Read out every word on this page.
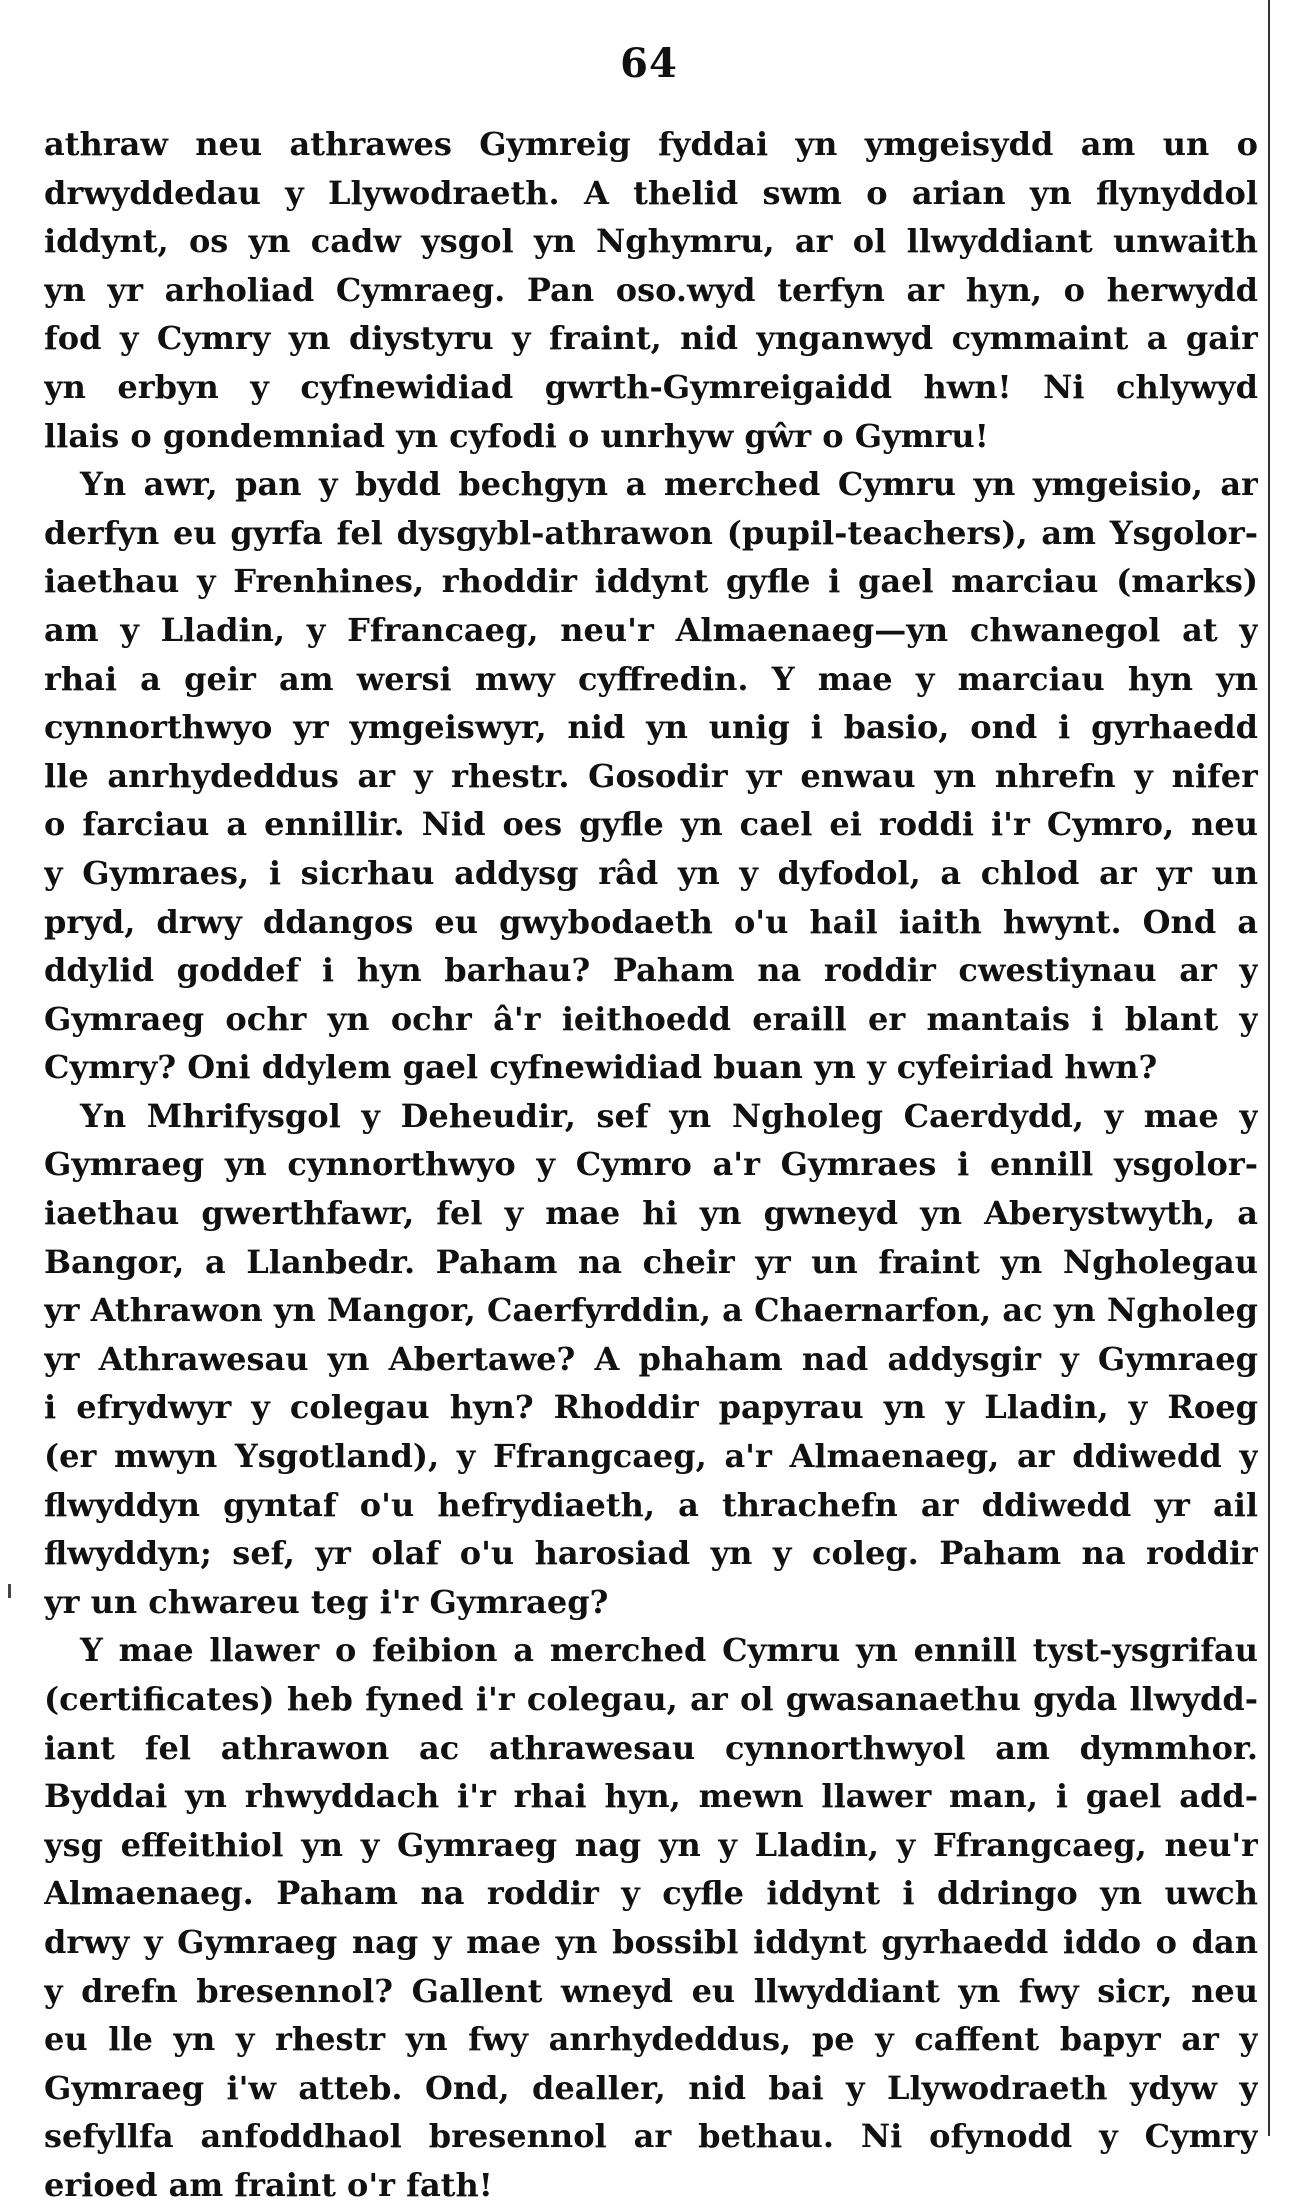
64
athraw neu athrawes Gymreig fyddai yn ymgeisydd am un o
drwyddedau y Llywodraeth. A thelid swm o arian yn flynyddol
iddynt, os yn cadw ysgol yn Nghymru, ar ol llwyddiant unwaith
yn yr arholiad Cymraeg. Pan oso.wyd terfyn ar hyn, o herwydd
fod y Cymry yn diystyru y fraint, nid ynganwyd cymmaint a gair
yn erbyn y cyfnewidiad gwrth-Gymreigaidd hwn! Ni chlywyd
llais o gondemniad yn cyfodi o unrhyw gŵr o Gymru!
Yn awr, pan y bydd bechgyn a merched Cymru yn ymgeisio, ar
derfyn eu gyrfa fel dysgybl-athrawon (pupil-teachers), am Ysgolor-
iaethau y Frenhines, rhoddir iddynt gyfle i gael marciau (marks)
am y Lladin, y Ffrancaeg, neu'r Almaenaeg—yn chwanegol at y
rhai a geir am wersi mwy cyffredin. Y mae y marciau hyn yn
cynnorthwyo yr ymgeiswyr, nid yn unig i basio, ond i gyrhaedd
lle anrhydeddus ar y rhestr. Gosodir yr enwau yn nhrefn y nifer
o farciau a ennillir. Nid oes gyfle yn cael ei roddi i'r Cymro, neu
y Gymraes, i sicrhau addysg râd yn y dyfodol, a chlod ar yr un
pryd, drwy ddangos eu gwybodaeth o'u hail iaith hwynt. Ond a
ddylid goddef i hyn barhau? Paham na roddir cwestiynau ar y
Gymraeg ochr yn ochr â'r ieithoedd eraill er mantais i blant y
Cymry? Oni ddylem gael cyfnewidiad buan yn y cyfeiriad hwn?
Yn Mhrifysgol y Deheudir, sef yn Ngholeg Caerdydd, y mae y
Gymraeg yn cynnorthwyo y Cymro a'r Gymraes i ennill ysgolor-
iaethau gwerthfawr, fel y mae hi yn gwneyd yn Aberystwyth, a
Bangor, a Llanbedr. Paham na cheir yr un fraint yn Ngholegau
yr Athrawon yn Mangor, Caerfyrddin, a Chaernarfon, ac yn Ngholeg
yr Athrawesau yn Abertawe? A phaham nad addysgir y Gymraeg
i efrydwyr y colegau hyn? Rhoddir papyrau yn y Lladin, y Roeg
(er mwyn Ysgotland), y Ffrangcaeg, a'r Almaenaeg, ar ddiwedd y
flwyddyn gyntaf o'u hefrydiaeth, a thrachefn ar ddiwedd yr ail
flwyddyn; sef, yr olaf o'u harosiad yn y coleg. Paham na roddir
yr un chwareu teg i'r Gymraeg?
Y mae llawer o feibion a merched Cymru yn ennill tyst-ysgrifau
(certificates) heb fyned i'r colegau, ar ol gwasanaethu gyda llwydd-
iant fel athrawon ac athrawesau cynnorthwyol am dymmhor.
Byddai yn rhwyddach i'r rhai hyn, mewn llawer man, i gael add-
ysg effeithiol yn y Gymraeg nag yn y Lladin, y Ffrangcaeg, neu'r
Almaenaeg. Paham na roddir y cyfle iddynt i ddringo yn uwch
drwy y Gymraeg nag y mae yn bossibl iddynt gyrhaedd iddo o dan
y drefn bresennol? Gallent wneyd eu llwyddiant yn fwy sicr, neu
eu lle yn y rhestr yn fwy anrhydeddus, pe y caffent bapyr ar y
Gymraeg i'w atteb. Ond, dealler, nid bai y Llywodraeth ydyw y
sefyllfa anfoddhaol bresennol ar bethau. Ni ofynodd y Cymry
erioed am fraint o'r fath!
